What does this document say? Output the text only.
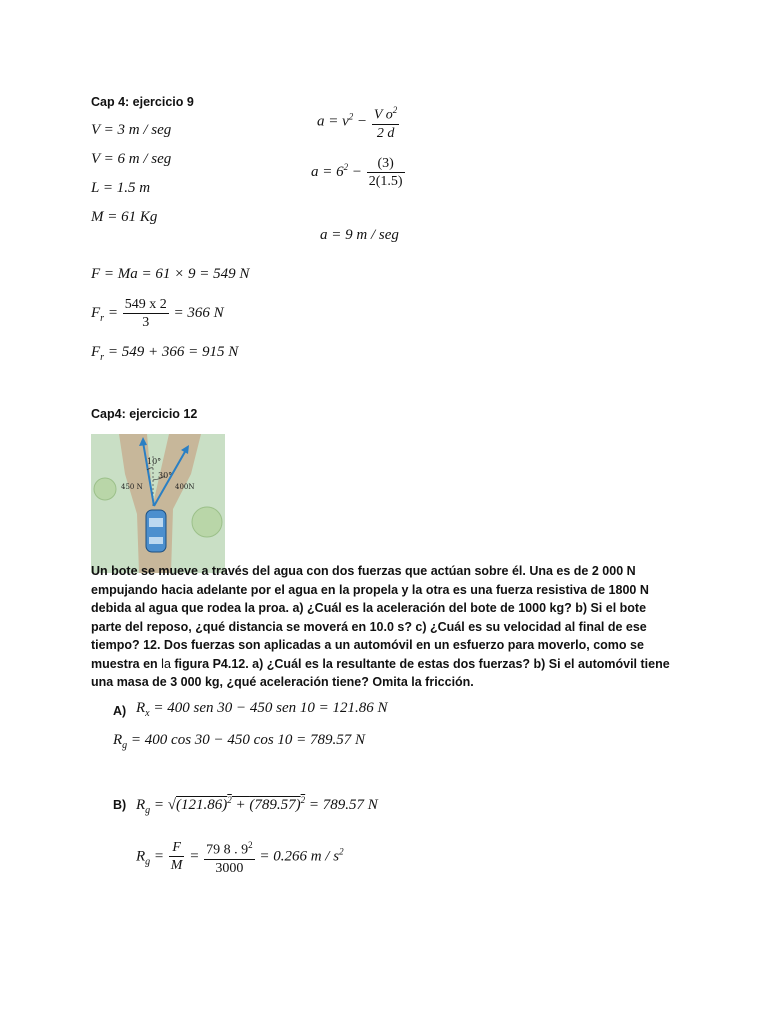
Cap 4: ejercicio 9
V = 3 m / seg
V = 6 m / seg
L = 1.5 m
M = 61 Kg
$a = v^2 - \frac{V o^2}{2 d}$
$a = 6^2 - \frac{(3)}{2(1.5)}$
a = 9 m / seg
F = Ma = 61 × 9 = 549 N
$F_r = \frac{549 x 2}{3} = 366$ N
$F_r = 549 + 366 = 915$ N
Cap4: ejercicio 12
10°
30°
450 N	400N
Un bote se mueve a través del agua con dos fuerzas que actúan sobre él. Una es de 2 000 N empujando hacia adelante por el agua en la propela y la otra es una fuerza resistiva de 1800 N debida al agua que rodea la proa. a) ¿Cuál es la aceleración del bote de 1000 kg? b) Si el bote parte del reposo, ¿qué distancia se moverá en 10.0 s? c) ¿Cuál es su velocidad al final de ese tiempo? 12. Dos fuerzas son aplicadas a un automóvil en un esfuerzo para moverlo, como se muestra en la figura P4.12. a) ¿Cuál es la resultante de estas dos fuerzas? b) Si el automóvil tiene una masa de 3 000 kg, ¿qué aceleración tiene? Omita la fricción.
A) $R_x = 400$ sen 30 − 450 sen 10 = 121.86 N
$R_g = 400$ cos 30 − 450 cos 10 = 789.57 N
B) $R_g = √(121.86)^2 + (789.57)^2 = 789.57$ N
$R_g = \frac{F}{M} = \frac{79 8 . 9^2}{3000} = 0.266$ m / $s^2$
